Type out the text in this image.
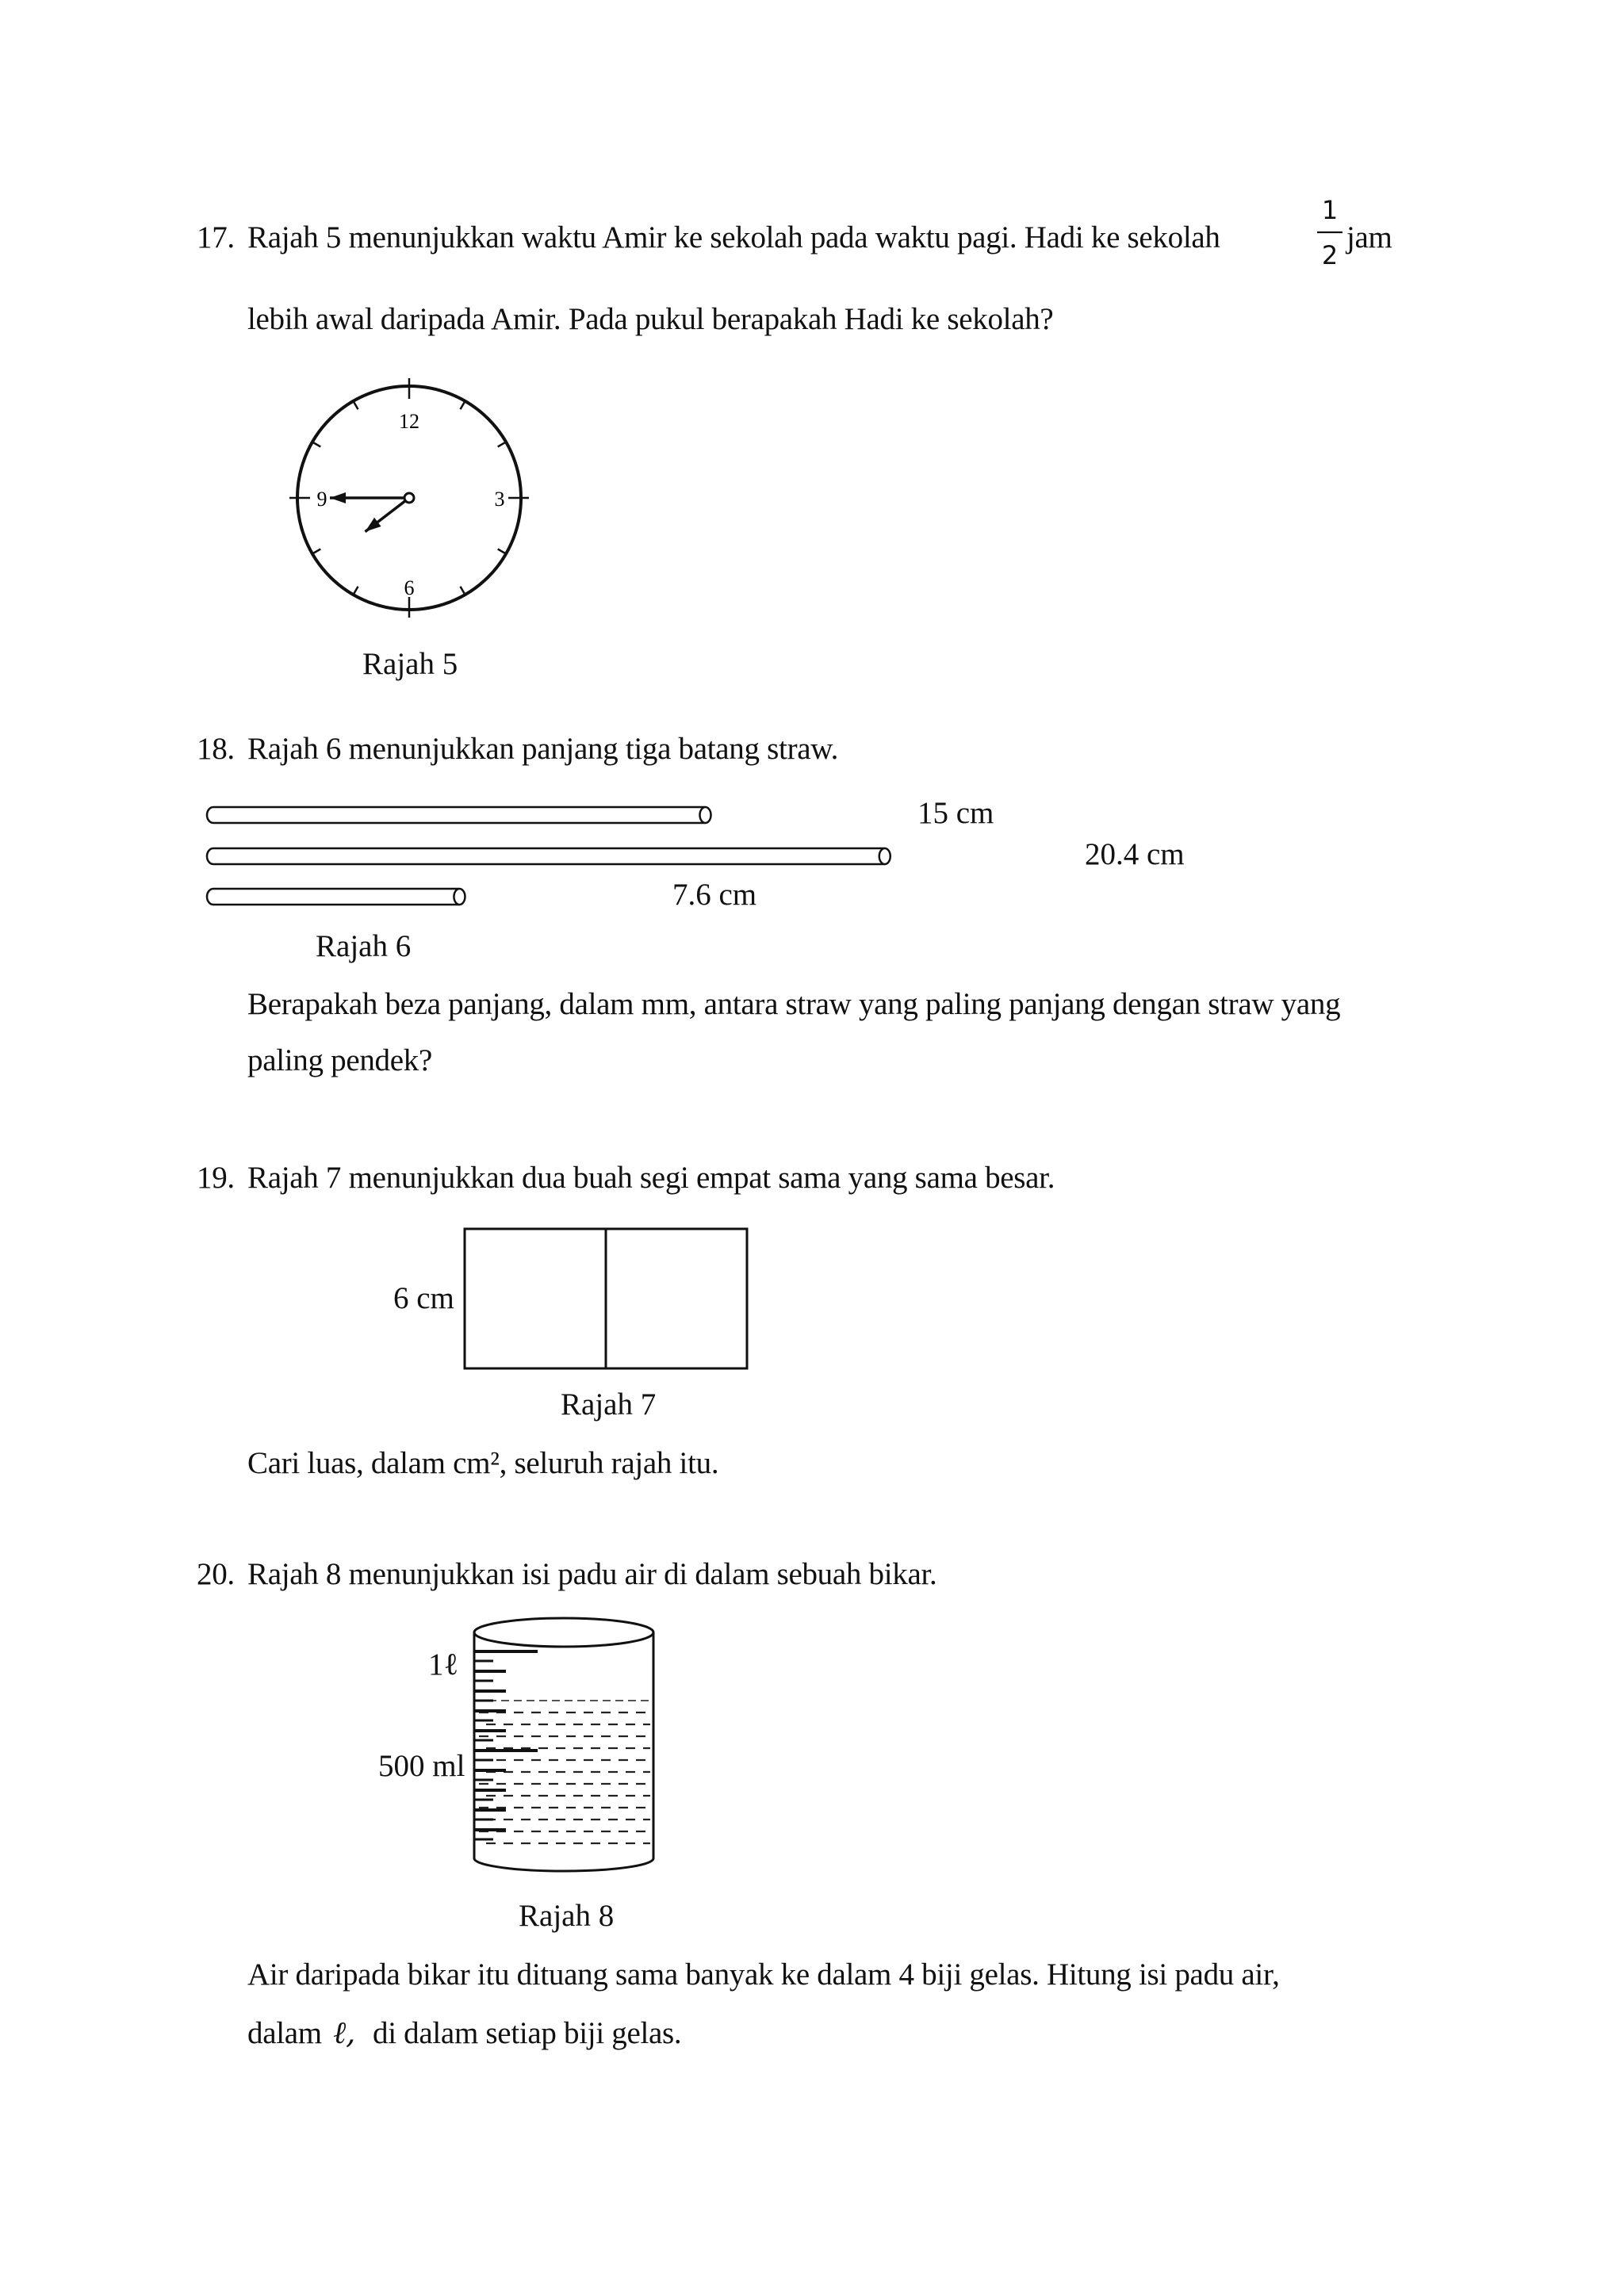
17. Rajah 5 menunjukkan waktu Amir ke sekolah pada waktu pagi. Hadi ke sekolah
1
2
jam
lebih awal daripada Amir. Pada pukul berapakah Hadi ke sekolah?
12
3
6
9
Rajah 5
18. Rajah 6 menunjukkan panjang tiga batang straw.
15 cm
20.4 cm
7.6 cm
Rajah 6
Berapakah beza panjang, dalam mm, antara straw yang paling panjang dengan straw yang
paling pendek?
19. Rajah 7 menunjukkan dua buah segi empat sama yang sama besar.
6 cm
Rajah 7
Cari luas, dalam cm², seluruh rajah itu.
20. Rajah 8 menunjukkan isi padu air di dalam sebuah bikar.
1ℓ
500 ml
Rajah 8
Air daripada bikar itu dituang sama banyak ke dalam 4 biji gelas. Hitung isi padu air,
dalam ℓ, di dalam setiap biji gelas.
